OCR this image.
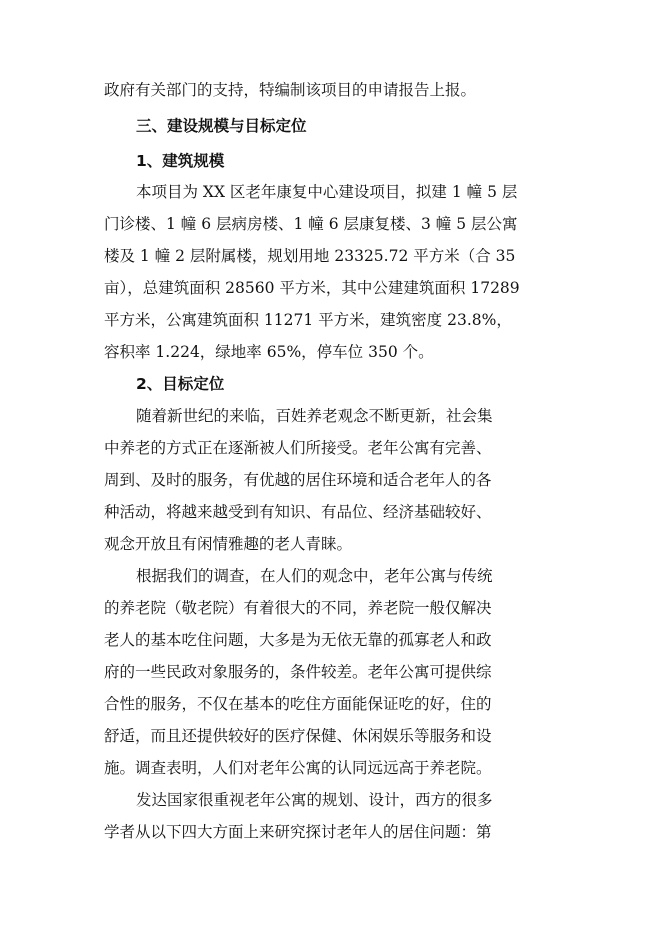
政府有关部门的支持，特编制该项目的申请报告上报。
三、建设规模与目标定位
1、建筑规模
本项目为 XX 区老年康复中心建设项目，拟建 1 幢 5 层
门诊楼、1 幢 6 层病房楼、1 幢 6 层康复楼、3 幢 5 层公寓
楼及 1 幢 2 层附属楼，规划用地 23325.72 平方米（合 35
亩），总建筑面积 28560 平方米，其中公建建筑面积 17289
平方米，公寓建筑面积 11271 平方米，建筑密度 23.8%，
容积率 1.224，绿地率 65%，停车位 350 个。
2、目标定位
随着新世纪的来临，百姓养老观念不断更新，社会集
中养老的方式正在逐渐被人们所接受。老年公寓有完善、
周到、及时的服务，有优越的居住环境和适合老年人的各
种活动，将越来越受到有知识、有品位、经济基础较好、
观念开放且有闲情雅趣的老人青睐。
根据我们的调查，在人们的观念中，老年公寓与传统
的养老院（敬老院）有着很大的不同，养老院一般仅解决
老人的基本吃住问题，大多是为无依无靠的孤寡老人和政
府的一些民政对象服务的，条件较差。老年公寓可提供综
合性的服务，不仅在基本的吃住方面能保证吃的好，住的
舒适，而且还提供较好的医疗保健、休闲娱乐等服务和设
施。调查表明，人们对老年公寓的认同远远高于养老院。
发达国家很重视老年公寓的规划、设计，西方的很多
学者从以下四大方面上来研究探讨老年人的居住问题：第
